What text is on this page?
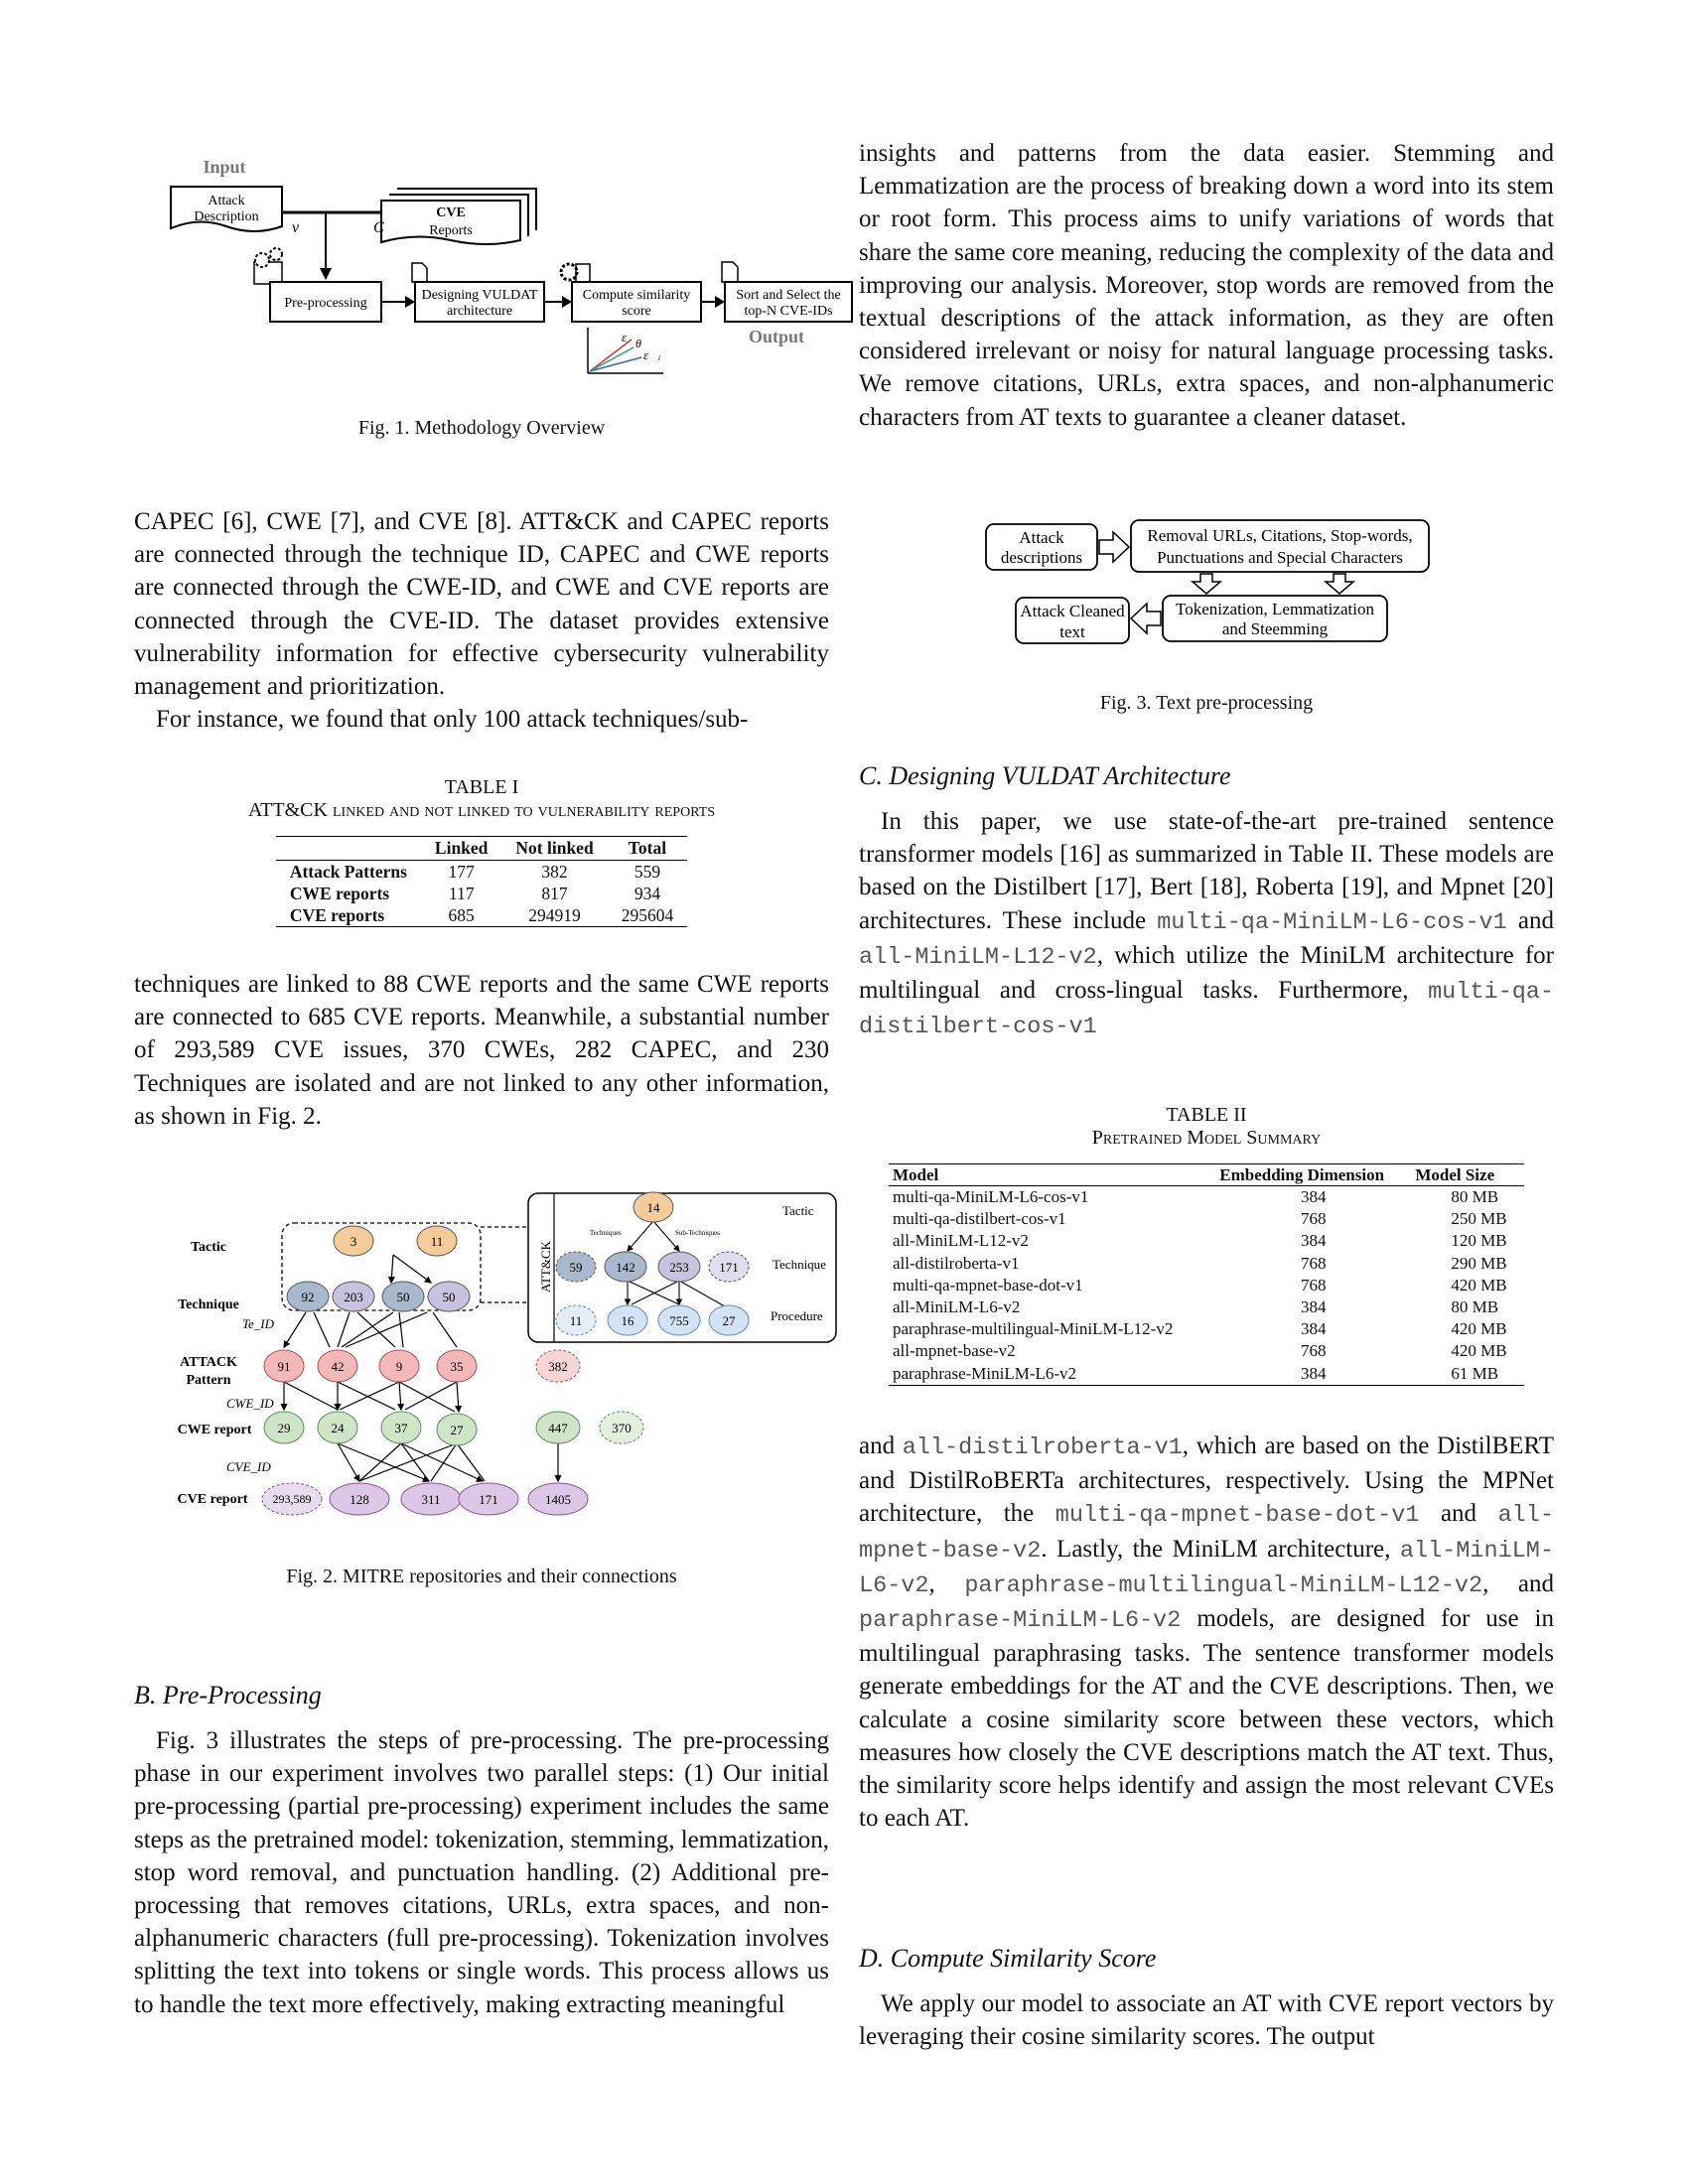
Input
Attack
Description	CVE
Reports
v	C
Pre-processing
Designing VULDAT
architecture
Compute similarity
score
Sort and Select the
top-N CVE-IDs
Output
ε⃗
θ
ε⃗ᵢ

Fig. 1. Methodology Overview

CAPEC [6], CWE [7], and CVE [8]. ATT&CK and CAPEC reports are connected through the technique ID, CAPEC and CWE reports are connected through the CWE-ID, and CWE and CVE reports are connected through the CVE-ID. The dataset provides extensive vulnerability information for effective cybersecurity vulnerability management and prioritization.

For instance, we found that only 100 attack techniques/sub-

TABLE I

ATT&CK linked and not linked to vulnerability reports

	Linked	Not linked	Total
Attack Patterns	177	382	559
CWE reports	117	817	934
CVE reports	685	294919	295604

techniques are linked to 88 CWE reports and the same CWE reports are connected to 685 CVE reports. Meanwhile, a substantial number of 293,589 CVE issues, 370 CWEs, 282 CAPEC, and 230 Techniques are isolated and are not linked to any other information, as shown in Fig. 2.

Tactic
Technique
ATTACK
Pattern
CWE report
CVE report
Te_ID
CWE_ID
CVE_ID
3	11
92 203	50	50
91	42	9	35	382
29	24	37	27	447	370
293,589	128	311	171	1405
ATT&CK
Tactic
Technique
Procedure
Techniques	Sub-Techniques
14
59	142	253 171
11	16	755	27

Fig. 2. MITRE repositories and their connections

B. Pre-Processing

Fig. 3 illustrates the steps of pre-processing. The pre-processing phase in our experiment involves two parallel steps: (1) Our initial pre-processing (partial pre-processing) experiment includes the same steps as the pretrained model: tokenization, stemming, lemmatization, stop word removal, and punctuation handling. (2) Additional pre-processing that removes citations, URLs, extra spaces, and non-alphanumeric characters (full pre-processing). Tokenization involves splitting the text into tokens or single words. This process allows us to handle the text more effectively, making extracting meaningful

insights and patterns from the data easier. Stemming and Lemmatization are the process of breaking down a word into its stem or root form. This process aims to unify variations of words that share the same core meaning, reducing the complexity of the data and improving our analysis. Moreover, stop words are removed from the textual descriptions of the attack information, as they are often considered irrelevant or noisy for natural language processing tasks. We remove citations, URLs, extra spaces, and non-alphanumeric characters from AT texts to guarantee a cleaner dataset.

Attack
descriptions
Removal URLs, Citations, Stop-words,
Punctuations and Special Characters
Tokenization, Lemmatization
and Steemming
Attack Cleaned
text

Fig. 3. Text pre-processing

C. Designing VULDAT Architecture

In this paper, we use state-of-the-art pre-trained sentence transformer models [16] as summarized in Table II. These models are based on the Distilbert [17], Bert [18], Roberta [19], and Mpnet [20] architectures. These include multi-qa-MiniLM-L6-cos-v1 and all-MiniLM-L12-v2, which utilize the MiniLM architecture for multilingual and cross-lingual tasks. Furthermore, multi-qa-distilbert-cos-v1

TABLE II

Pretrained Model Summary

Model	Embedding Dimension	Model Size
multi-qa-MiniLM-L6-cos-v1	384	80 MB
multi-qa-distilbert-cos-v1	768	250 MB
all-MiniLM-L12-v2	384	120 MB
all-distilroberta-v1	768	290 MB
multi-qa-mpnet-base-dot-v1	768	420 MB
all-MiniLM-L6-v2	384	80 MB
paraphrase-multilingual-MiniLM-L12-v2	384	420 MB
all-mpnet-base-v2	768	420 MB
paraphrase-MiniLM-L6-v2	384	61 MB

and all-distilroberta-v1, which are based on the DistilBERT and DistilRoBERTa architectures, respectively. Using the MPNet architecture, the multi-qa-mpnet-base-dot-v1 and all-mpnet-base-v2. Lastly, the MiniLM architecture, all-MiniLM-L6-v2, paraphrase-multilingual-MiniLM-L12-v2, and paraphrase-MiniLM-L6-v2 models, are designed for use in multilingual paraphrasing tasks. The sentence transformer models generate embeddings for the AT and the CVE descriptions. Then, we calculate a cosine similarity score between these vectors, which measures how closely the CVE descriptions match the AT text. Thus, the similarity score helps identify and assign the most relevant CVEs to each AT.

D. Compute Similarity Score

We apply our model to associate an AT with CVE report vectors by leveraging their cosine similarity scores. The output
